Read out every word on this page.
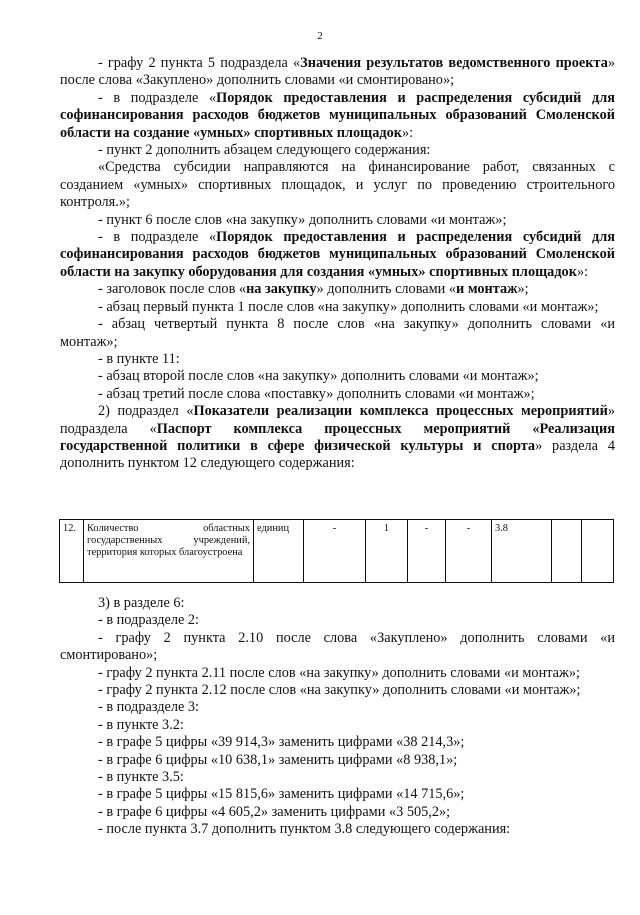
2

- графу 2 пункта 5 подраздела «Значения результатов ведомственного проекта» после слова «Закуплено» дополнить словами «и смонтировано»;

- в подразделе «Порядок предоставления и распределения субсидий для софинансирования расходов бюджетов муниципальных образований Смоленской области на создание «умных» спортивных площадок»:

- пункт 2 дополнить абзацем следующего содержания:

«Средства субсидии направляются на финансирование работ, связанных с созданием «умных» спортивных площадок, и услуг по проведению строительного контроля.»;

- пункт 6 после слов «на закупку» дополнить словами «и монтаж»;

- в подразделе «Порядок предоставления и распределения субсидий для софинансирования расходов бюджетов муниципальных образований Смоленской области на закупку оборудования для создания «умных» спортивных площадок»:

- заголовок после слов «на закупку» дополнить словами «и монтаж»;

- абзац первый пункта 1 после слов «на закупку» дополнить словами «и монтаж»;

- абзац четвертый пункта 8 после слов «на закупку» дополнить словами «и монтаж»;

- в пункте 11:

- абзац второй после слов «на закупку» дополнить словами «и монтаж»;

- абзац третий после слова «поставку» дополнить словами «и монтаж»;

2) подраздел «Показатели реализации комплекса процессных мероприятий» подраздела «Паспорт комплекса процессных мероприятий «Реализация государственной политики в сфере физической культуры и спорта» раздела 4 дополнить пунктом 12 следующего содержания:

12.	Количество областных государственных учреждений, территория которых благоустроена	единиц	-	1	-	-	3.8		

3) в разделе 6:

- в подразделе 2:

- графу 2 пункта 2.10 после слова «Закуплено» дополнить словами «и смонтировано»;

- графу 2 пункта 2.11 после слов «на закупку» дополнить словами «и монтаж»;

- графу 2 пункта 2.12 после слов «на закупку» дополнить словами «и монтаж»;

- в подразделе 3:

- в пункте 3.2:

- в графе 5 цифры «39 914,3» заменить цифрами «38 214,3»;

- в графе 6 цифры «10 638,1» заменить цифрами «8 938,1»;

- в пункте 3.5:

- в графе 5 цифры «15 815,6» заменить цифрами «14 715,6»;

- в графе 6 цифры «4 605,2» заменить цифрами «3 505,2»;

- после пункта 3.7 дополнить пунктом 3.8 следующего содержания:
